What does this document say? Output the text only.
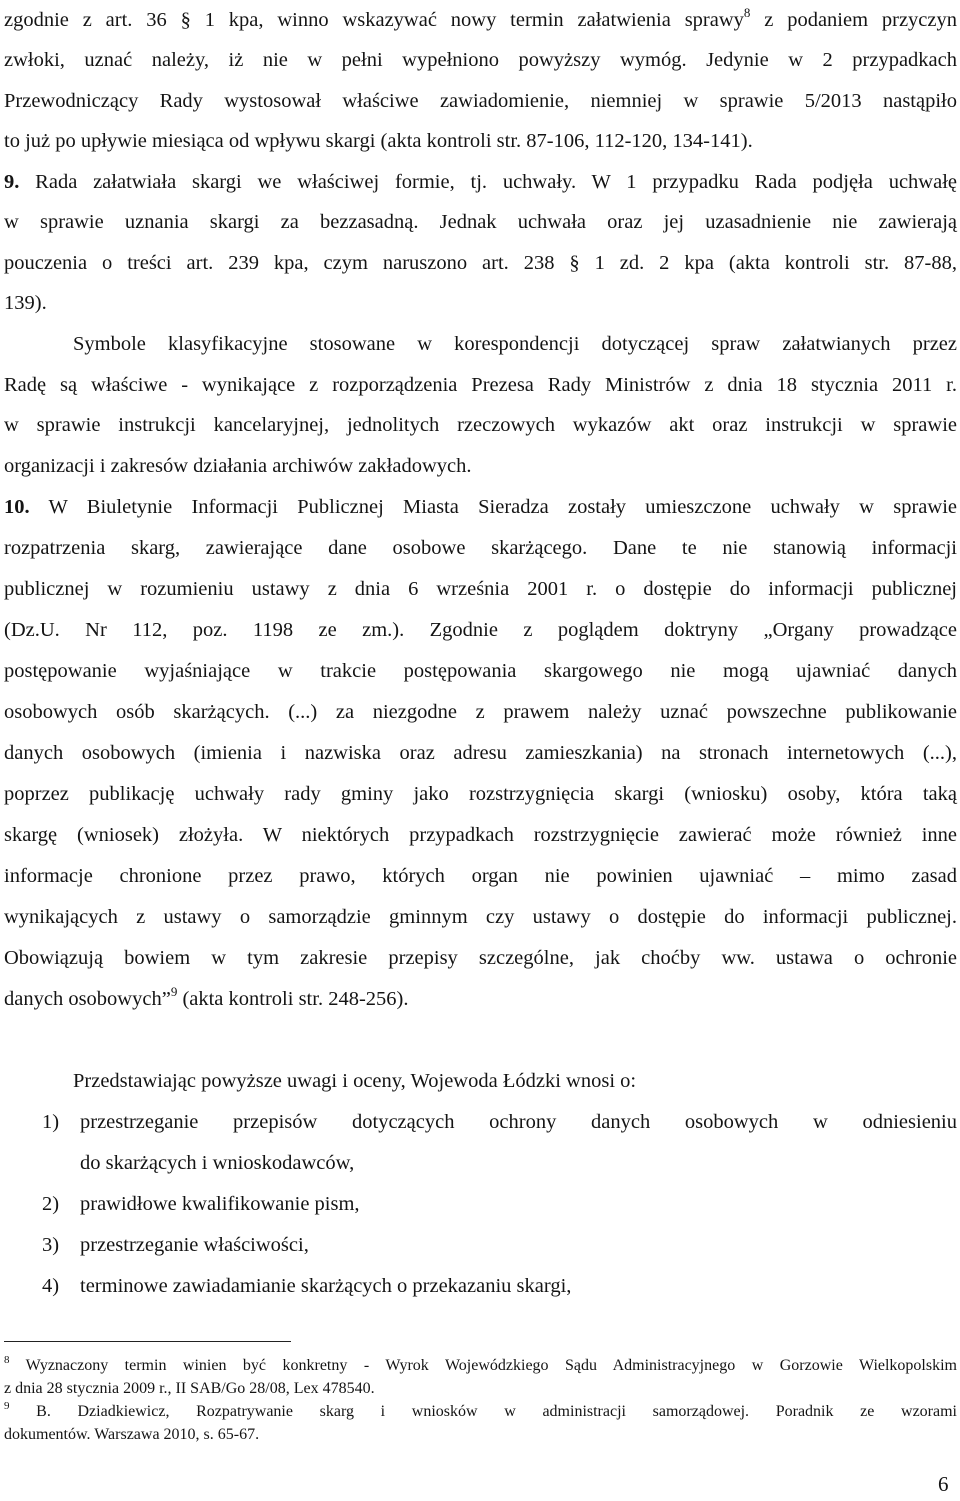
zgodnie z art. 36 § 1 kpa, winno wskazywać nowy termin załatwienia sprawy$^8$ z podaniem przyczyn
zwłoki, uznać należy, iż nie w pełni wypełniono powyższy wymóg. Jedynie w 2 przypadkach
Przewodniczący Rady wystosował właściwe zawiadomienie, niemniej w sprawie 5/2013 nastąpiło
to już po upływie miesiąca od wpływu skargi (akta kontroli str. 87-106, 112-120, 134-141).
9. Rada załatwiała skargi we właściwej formie, tj. uchwały. W 1 przypadku Rada podjęła uchwałę
w sprawie uznania skargi za bezzasadną. Jednak uchwała oraz jej uzasadnienie nie zawierają
pouczenia o treści art. 239 kpa, czym naruszono art. 238 § 1 zd. 2 kpa (akta kontroli str. 87-88,
139).
Symbole klasyfikacyjne stosowane w korespondencji dotyczącej spraw załatwianych przez
Radę są właściwe - wynikające z rozporządzenia Prezesa Rady Ministrów z dnia 18 stycznia 2011 r.
w sprawie instrukcji kancelaryjnej, jednolitych rzeczowych wykazów akt oraz instrukcji w sprawie
organizacji i zakresów działania archiwów zakładowych.
10. W Biuletynie Informacji Publicznej Miasta Sieradza zostały umieszczone uchwały w sprawie
rozpatrzenia skarg, zawierające dane osobowe skarżącego. Dane te nie stanowią informacji
publicznej w rozumieniu ustawy z dnia 6 września 2001 r. o dostępie do informacji publicznej
(Dz.U. Nr 112, poz. 1198 ze zm.). Zgodnie z poglądem doktryny „Organy prowadzące
postępowanie wyjaśniające w trakcie postępowania skargowego nie mogą ujawniać danych
osobowych osób skarżących. (...) za niezgodne z prawem należy uznać powszechne publikowanie
danych osobowych (imienia i nazwiska oraz adresu zamieszkania) na stronach internetowych (...),
poprzez publikację uchwały rady gminy jako rozstrzygnięcia skargi (wniosku) osoby, która taką
skargę (wniosek) złożyła. W niektórych przypadkach rozstrzygnięcie zawierać może również inne
informacje chronione przez prawo, których organ nie powinien ujawniać – mimo zasad
wynikających z ustawy o samorządzie gminnym czy ustawy o dostępie do informacji publicznej.
Obowiązują bowiem w tym zakresie przepisy szczególne, jak choćby ww. ustawa o ochronie
danych osobowych”$^9$ (akta kontroli str. 248-256).
Przedstawiając powyższe uwagi i oceny, Wojewoda Łódzki wnosi o:
1) przestrzeganie przepisów dotyczących ochrony danych osobowych w odniesieniu
do skarżących i wnioskodawców,
2) prawidłowe kwalifikowanie pism,
3) przestrzeganie właściwości,
4) terminowe zawiadamianie skarżących o przekazaniu skargi,
$^8$ Wyznaczony termin winien być konkretny - Wyrok Wojewódzkiego Sądu Administracyjnego w Gorzowie Wielkopolskim
z dnia 28 stycznia 2009 r., II SAB/Go 28/08, Lex 478540.
$^9$ B. Dziadkiewicz, Rozpatrywanie skarg i wniosków w administracji samorządowej. Poradnik ze wzorami
dokumentów. Warszawa 2010, s. 65-67.
6
